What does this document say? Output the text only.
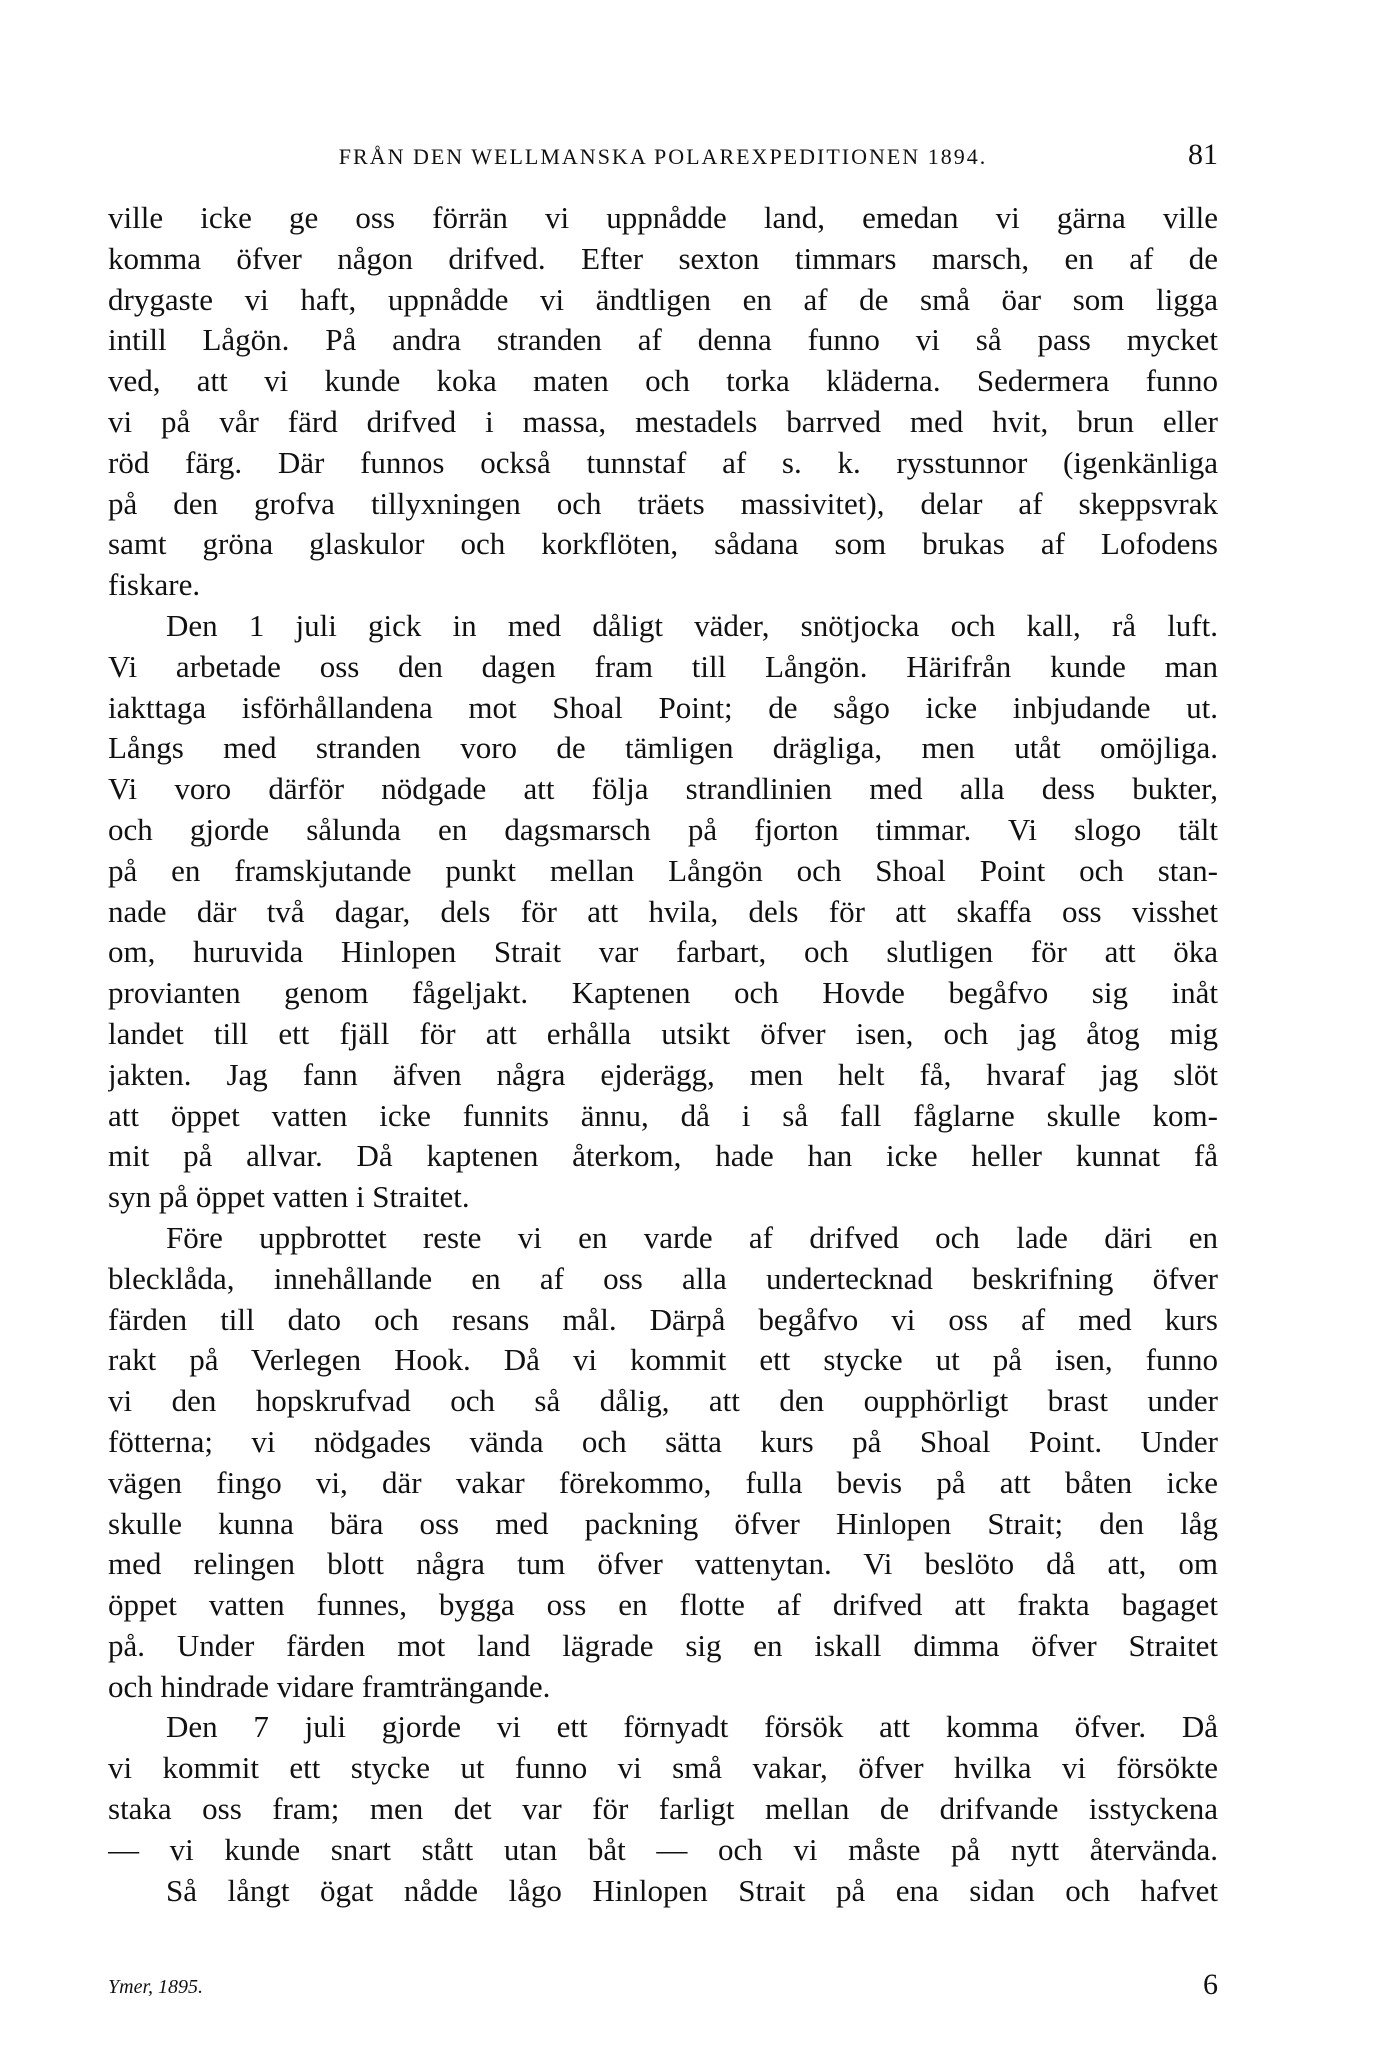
FRÅN DEN WELLMANSKA POLAREXPEDITIONEN 1894.	81
ville icke ge oss förrän vi uppnådde land, emedan vi gärna ville
komma öfver någon drifved. Efter sexton timmars marsch, en af de
drygaste vi haft, uppnådde vi ändtligen en af de små öar som ligga
intill Lågön. På andra stranden af denna funno vi så pass mycket
ved, att vi kunde koka maten och torka kläderna. Sedermera funno
vi på vår färd drifved i massa, mestadels barrved med hvit, brun eller
röd färg. Där funnos också tunnstaf af s. k. rysstunnor (igenkänliga
på den grofva tillyxningen och träets massivitet), delar af skeppsvrak
samt gröna glaskulor och korkflöten, sådana som brukas af Lofodens
fiskare.
Den 1 juli gick in med dåligt väder, snötjocka och kall, rå luft.
Vi arbetade oss den dagen fram till Långön. Härifrån kunde man
iakttaga isförhållandena mot Shoal Point; de sågo icke inbjudande ut.
Långs med stranden voro de tämligen drägliga, men utåt omöjliga.
Vi voro därför nödgade att följa strandlinien med alla dess bukter,
och gjorde sålunda en dagsmarsch på fjorton timmar. Vi slogo tält
på en framskjutande punkt mellan Långön och Shoal Point och stan-
nade där två dagar, dels för att hvila, dels för att skaffa oss visshet
om, huruvida Hinlopen Strait var farbart, och slutligen för att öka
provianten genom fågeljakt. Kaptenen och Hovde begåfvo sig inåt
landet till ett fjäll för att erhålla utsikt öfver isen, och jag åtog mig
jakten. Jag fann äfven några ejderägg, men helt få, hvaraf jag slöt
att öppet vatten icke funnits ännu, då i så fall fåglarne skulle kom-
mit på allvar. Då kaptenen återkom, hade han icke heller kunnat få
syn på öppet vatten i Straitet.
Före uppbrottet reste vi en varde af drifved och lade däri en
blecklåda, innehållande en af oss alla undertecknad beskrifning öfver
färden till dato och resans mål. Därpå begåfvo vi oss af med kurs
rakt på Verlegen Hook. Då vi kommit ett stycke ut på isen, funno
vi den hopskrufvad och så dålig, att den oupphörligt brast under
fötterna; vi nödgades vända och sätta kurs på Shoal Point. Under
vägen fingo vi, där vakar förekommo, fulla bevis på att båten icke
skulle kunna bära oss med packning öfver Hinlopen Strait; den låg
med relingen blott några tum öfver vattenytan. Vi beslöto då att, om
öppet vatten funnes, bygga oss en flotte af drifved att frakta bagaget
på. Under färden mot land lägrade sig en iskall dimma öfver Straitet
och hindrade vidare framträngande.
Den 7 juli gjorde vi ett förnyadt försök att komma öfver. Då
vi kommit ett stycke ut funno vi små vakar, öfver hvilka vi försökte
staka oss fram; men det var för farligt mellan de drifvande isstyckena
— vi kunde snart stått utan båt — och vi måste på nytt återvända.
Så långt ögat nådde lågo Hinlopen Strait på ena sidan och hafvet
Ymer, 1895.	6
